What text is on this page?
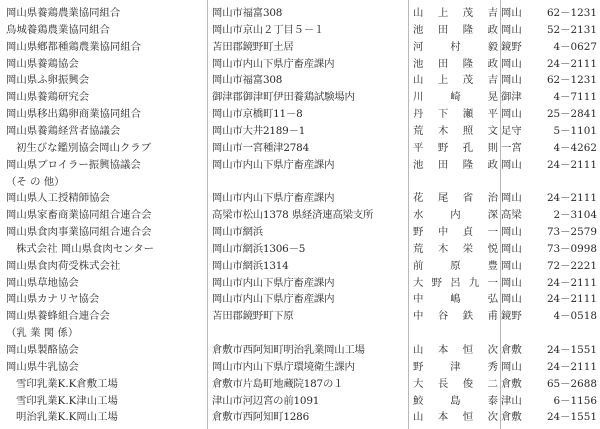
岡山県養鶏農業協同組合	岡山市福富308	山 上 茂 吉 岡山	62－1231
鳥城養鶏農業協同組合	岡山市京山２丁目５－１	池 田 隆 政 岡山	52－2131
岡山県鄕都種鶏農業協同組合	苫田郡鏡野町土居	河	村	毅 鏡野	4－0627
岡山県養鶏協会	岡山市内山下県庁畜産課内	池 田 隆 政 岡山	24－2111
岡山県ふ卵振興会	岡山市福富308	山 上 茂 吉 岡山	62－1231
岡山県養鶏研究会	御津郡御津町伊田養鶏試験場内	川	崎	晃 御津	4－7111
岡山県移出鶏卵商業協同組合	岡山市京橋町11－8	丹 下 瀬 平 岡山	25－2841
岡山県養鶏経営者協議会	岡山市大井2189－1	荒 木 照 文 足守	5－1101
初生びな鑑別協会岡山クラブ	岡山市一宮種津2784	平 野 孔 則 一宮	4－4262
岡山県ブロイラー振興協議会	岡山市内山下県庁畜産課内	池 田 隆 政 岡山	24－2111
（そ の 他）
岡山県人工授精師協会	岡山市内山下県庁畜産課内	花 尾 省 治 岡山	24－2111
岡山県家畜商業協同組合連合会	高梁市松山1378 県経済連高梁支所	水	内	深 高梁	2－3104
岡山県食肉事業協同組合連合会	岡山市網浜	野 中 貞 一 岡山	73－2579
株式会社 岡山県食肉センター	岡山市網浜1306－5	荒 木 栄 悦 岡山	73－0998
岡山県食肉荷受株式会社	岡山市網浜1314	前	原	豊 岡山	72－2221
岡山県草地協会	岡山市内山下県庁畜産課内	大 野 呂 九 一 岡山	24－2111
岡山県カナリヤ協会	岡山市内山下県庁畜産課内	中	嶋	弘 岡山	24－2111
岡山県養蜂組合連合会	苫田郡鏡野町下原	中 谷 鉄 甫 鏡野	4－0518
（乳 業 関 係）
岡山県製酪協会	倉敷市西阿知町明治乳業岡山工場	山 本 恒 次 倉敷	24－1551
岡山県牛乳協会	岡山市内山下県庁環境衛生課内	野	津	秀 岡山	24－2111
雪印乳業K.K倉敷工場	倉敷市片島町地蔵院187の１	大 長 俊 二 倉敷	65－2688
雪印乳業K.K津山工場	津山市河辺宮の前1091	鮫	島	泰 津山	6－1156
明治乳業K.K岡山工場	倉敷市西阿知町1286	山 本 恒 次 倉敷	24－1551
